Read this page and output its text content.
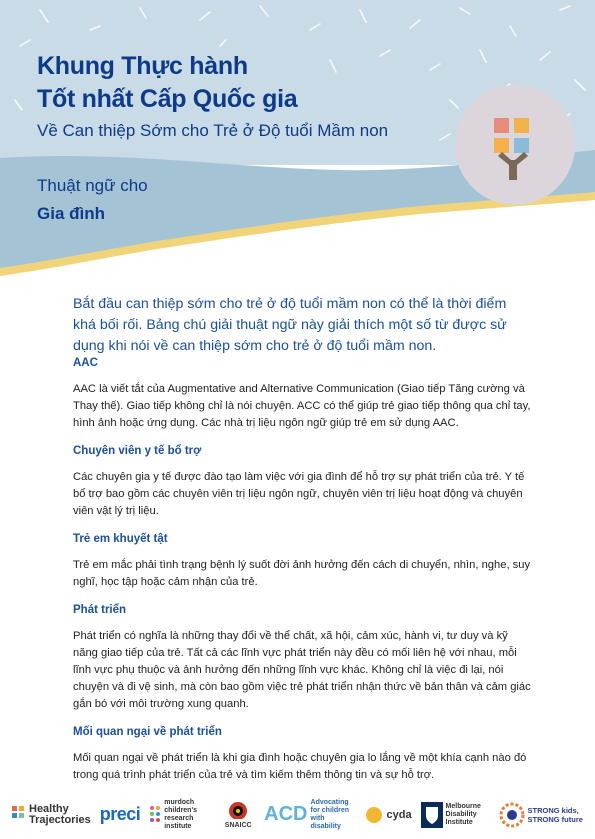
Khung Thực hành
Tốt nhất Cấp Quốc gia
Về Can thiệp Sớm cho Trẻ ở Độ tuổi Mầm non
Thuật ngữ cho
Gia đình

Bắt đầu can thiệp sớm cho trẻ ở độ tuổi mầm non có thể là thời điểm khá bối rối. Bảng chú giải thuật ngữ này giải thích một số từ được sử dụng khi nói về can thiệp sớm cho trẻ ở độ tuổi mầm non.

AAC

AAC là viết tắt của Augmentative and Alternative Communication (Giao tiếp Tăng cường và Thay thế). Giao tiếp không chỉ là nói chuyện. ACC có thể giúp trẻ giao tiếp thông qua chỉ tay, hình ảnh hoặc ứng dụng. Các nhà trị liệu ngôn ngữ giúp trẻ em sử dụng AAC.

Chuyên viên y tế bổ trợ

Các chuyên gia y tế được đào tạo làm việc với gia đình để hỗ trợ sự phát triển của trẻ. Y tế bổ trợ bao gồm các chuyên viên trị liệu ngôn ngữ, chuyên viên trị liệu hoạt động và chuyên viên vật lý trị liệu.

Trẻ em khuyết tật

Trẻ em mắc phải tình trạng bệnh lý suốt đời ảnh hưởng đến cách di chuyển, nhìn, nghe, suy nghĩ, học tập hoặc cảm nhận của trẻ.

Phát triển

Phát triển có nghĩa là những thay đổi về thể chất, xã hội, cảm xúc, hành vi, tư duy và kỹ năng giao tiếp của trẻ. Tất cả các lĩnh vực phát triển này đều có mối liên hệ với nhau, mỗi lĩnh vực phụ thuộc và ảnh hưởng đến những lĩnh vực khác. Không chỉ là việc đi lại, nói chuyện và đi vệ sinh, mà còn bao gồm việc trẻ phát triển nhận thức về bản thân và cảm giác gắn bó với môi trường xung quanh.

Mối quan ngại về phát triển

Mối quan ngại về phát triển là khi gia đình hoặc chuyên gia lo lắng về một khía cạnh nào đó trong quá trình phát triển của trẻ và tìm kiếm thêm thông tin và sự hỗ trợ.

Healthy
Trajectories preci
murdoch children's research institute	SNAICC
ACD
Advocating for children with disability
cyda
Melbourne Disability Institute
STRONG kids,
STRONG future
